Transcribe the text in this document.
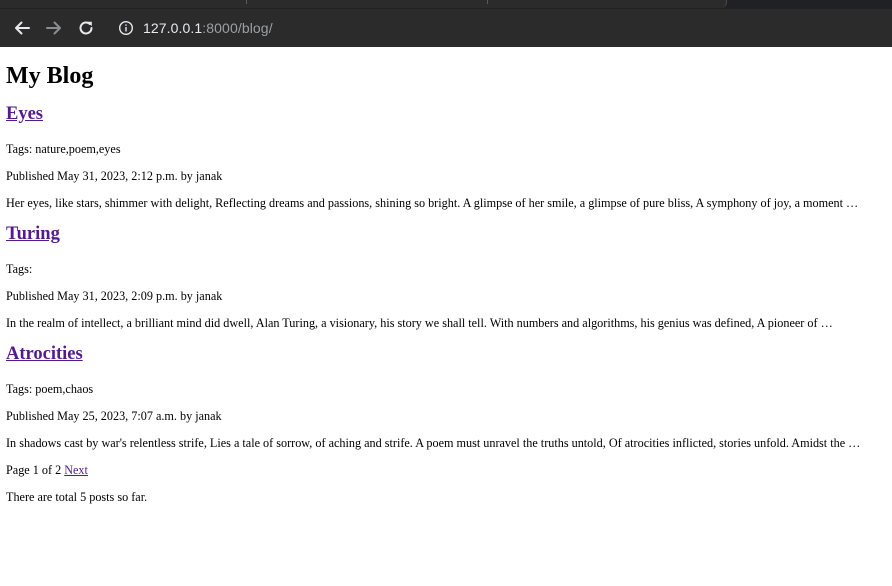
127.0.0.1:8000/blog/
My Blog
Eyes
Tags: nature,poem,eyes
Published May 31, 2023, 2:12 p.m. by janak
Her eyes, like stars, shimmer with delight, Reflecting dreams and passions, shining so bright. A glimpse of her smile, a glimpse of pure bliss, A symphony of joy, a moment …
Turing
Tags:
Published May 31, 2023, 2:09 p.m. by janak
In the realm of intellect, a brilliant mind did dwell, Alan Turing, a visionary, his story we shall tell. With numbers and algorithms, his genius was defined, A pioneer of …
Atrocities
Tags: poem,chaos
Published May 25, 2023, 7:07 a.m. by janak
In shadows cast by war's relentless strife, Lies a tale of sorrow, of aching and strife. A poem must unravel the truths untold, Of atrocities inflicted, stories unfold. Amidst the …
Page 1 of 2 Next
There are total 5 posts so far.
